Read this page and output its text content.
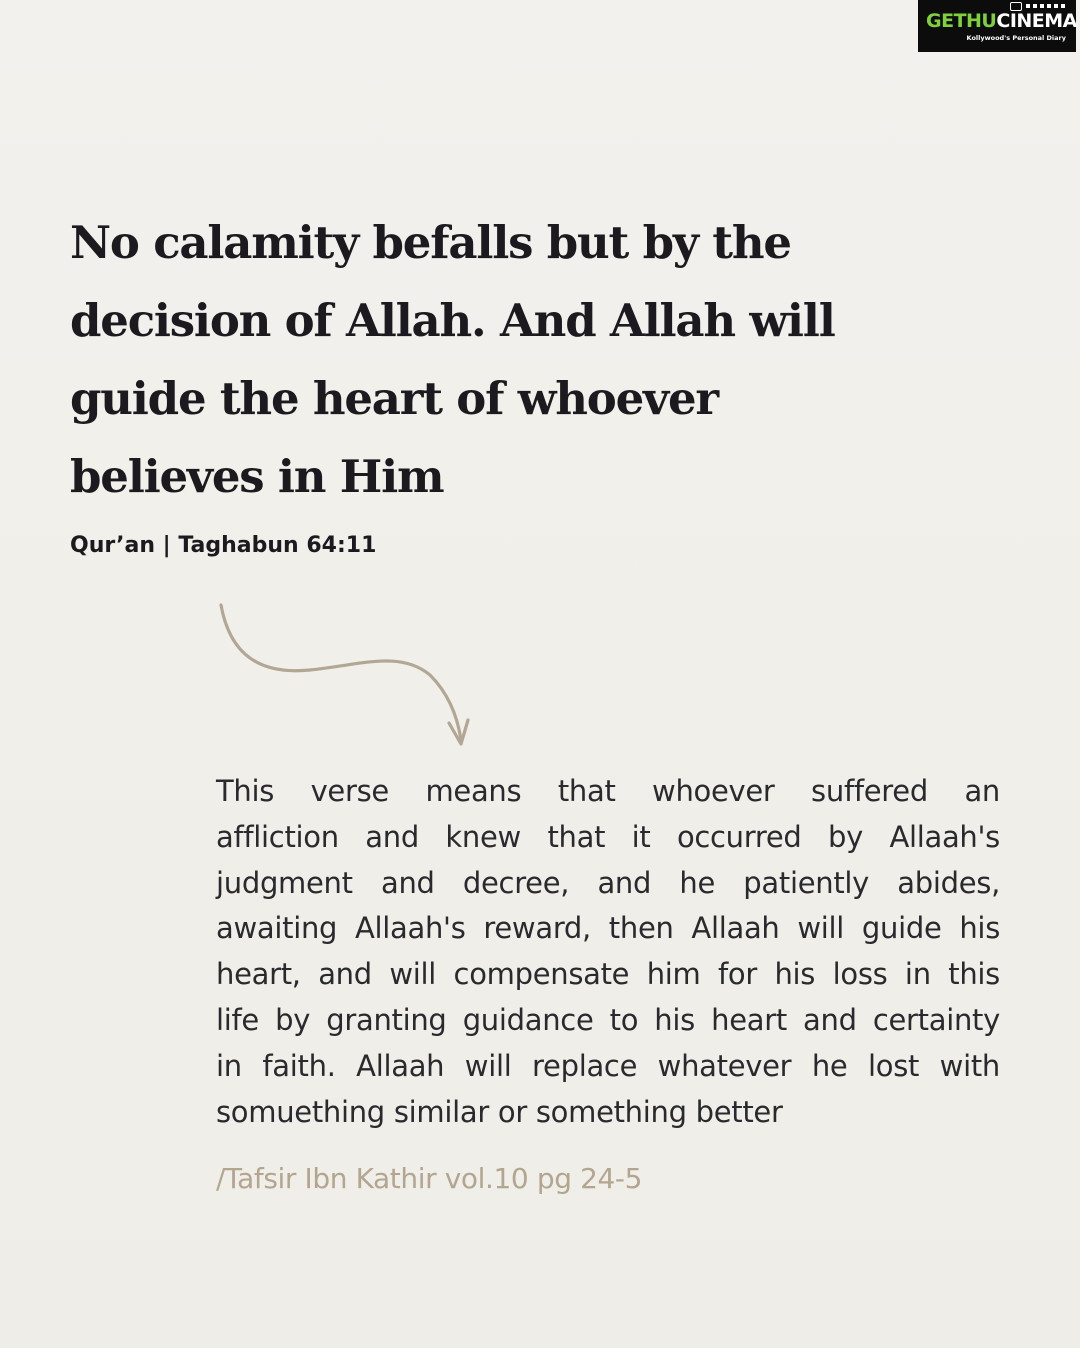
GETHUCINEMA
Kollywood's Personal Diary
No calamity befalls but by the
decision of Allah. And Allah will
guide the heart of whoever
believes in Him
Qur’an | Taghabun 64:11
This verse means that whoever suffered an
affliction and knew that it occurred by Allaah's
judgment and decree, and he patiently abides,
awaiting Allaah's reward, then Allaah will guide his
heart, and will compensate him for his loss in this
life by granting guidance to his heart and certainty
in faith. Allaah will replace whatever he lost with
somuething similar or something better
/Tafsir Ibn Kathir vol.10 pg 24-5
